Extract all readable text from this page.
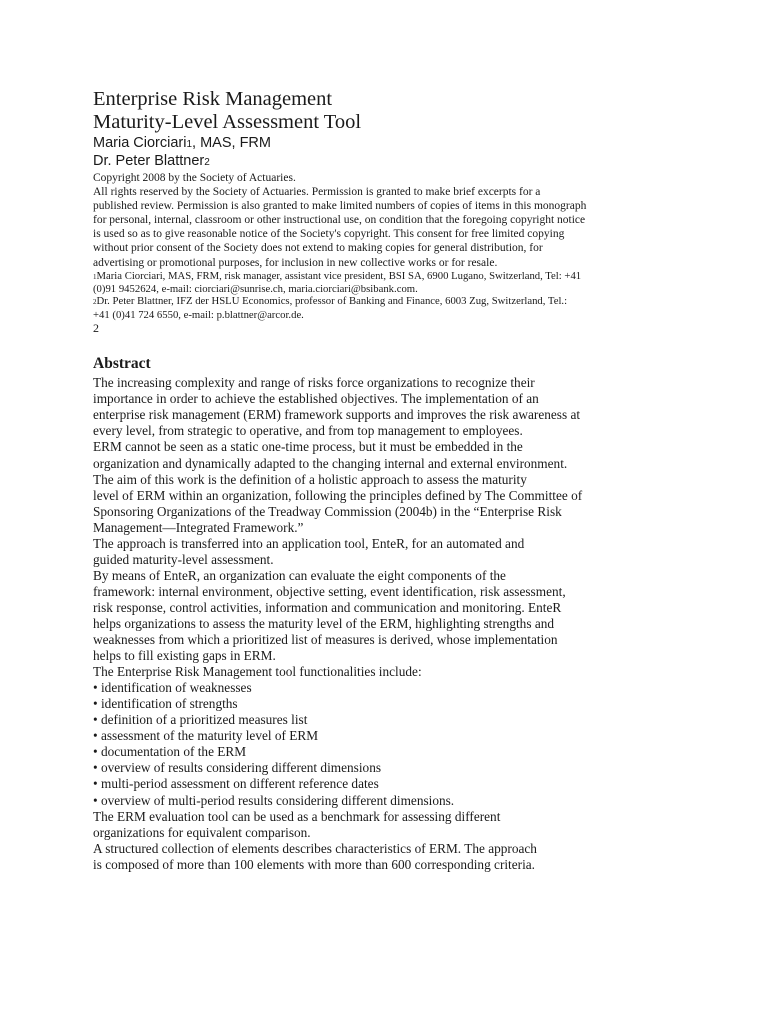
Enterprise Risk Management
Maturity-Level Assessment Tool
Maria Ciorciari1, MAS, FRM
Dr. Peter Blattner2
Copyright 2008 by the Society of Actuaries.
All rights reserved by the Society of Actuaries. Permission is granted to make brief excerpts for a
published review. Permission is also granted to make limited numbers of copies of items in this monograph
for personal, internal, classroom or other instructional use, on condition that the foregoing copyright notice
is used so as to give reasonable notice of the Society's copyright. This consent for free limited copying
without prior consent of the Society does not extend to making copies for general distribution, for
advertising or promotional purposes, for inclusion in new collective works or for resale.
1Maria Ciorciari, MAS, FRM, risk manager, assistant vice president, BSI SA, 6900 Lugano, Switzerland, Tel: +41
(0)91 9452624, e-mail: ciorciari@sunrise.ch, maria.ciorciari@bsibank.com.
2Dr. Peter Blattner, IFZ der HSLU Economics, professor of Banking and Finance, 6003 Zug, Switzerland, Tel.:
+41 (0)41 724 6550, e-mail: p.blattner@arcor.de.
2
Abstract
The increasing complexity and range of risks force organizations to recognize their
importance in order to achieve the established objectives. The implementation of an
enterprise risk management (ERM) framework supports and improves the risk awareness at
every level, from strategic to operative, and from top management to employees.
ERM cannot be seen as a static one-time process, but it must be embedded in the
organization and dynamically adapted to the changing internal and external environment.
The aim of this work is the definition of a holistic approach to assess the maturity
level of ERM within an organization, following the principles defined by The Committee of
Sponsoring Organizations of the Treadway Commission (2004b) in the “Enterprise Risk
Management—Integrated Framework.”
The approach is transferred into an application tool, EnteR, for an automated and
guided maturity-level assessment.
By means of EnteR, an organization can evaluate the eight components of the
framework: internal environment, objective setting, event identification, risk assessment,
risk response, control activities, information and communication and monitoring. EnteR
helps organizations to assess the maturity level of the ERM, highlighting strengths and
weaknesses from which a prioritized list of measures is derived, whose implementation
helps to fill existing gaps in ERM.
The Enterprise Risk Management tool functionalities include:
• identification of weaknesses
• identification of strengths
• definition of a prioritized measures list
• assessment of the maturity level of ERM
• documentation of the ERM
• overview of results considering different dimensions
• multi-period assessment on different reference dates
• overview of multi-period results considering different dimensions.
The ERM evaluation tool can be used as a benchmark for assessing different
organizations for equivalent comparison.
A structured collection of elements describes characteristics of ERM. The approach
is composed of more than 100 elements with more than 600 corresponding criteria.
